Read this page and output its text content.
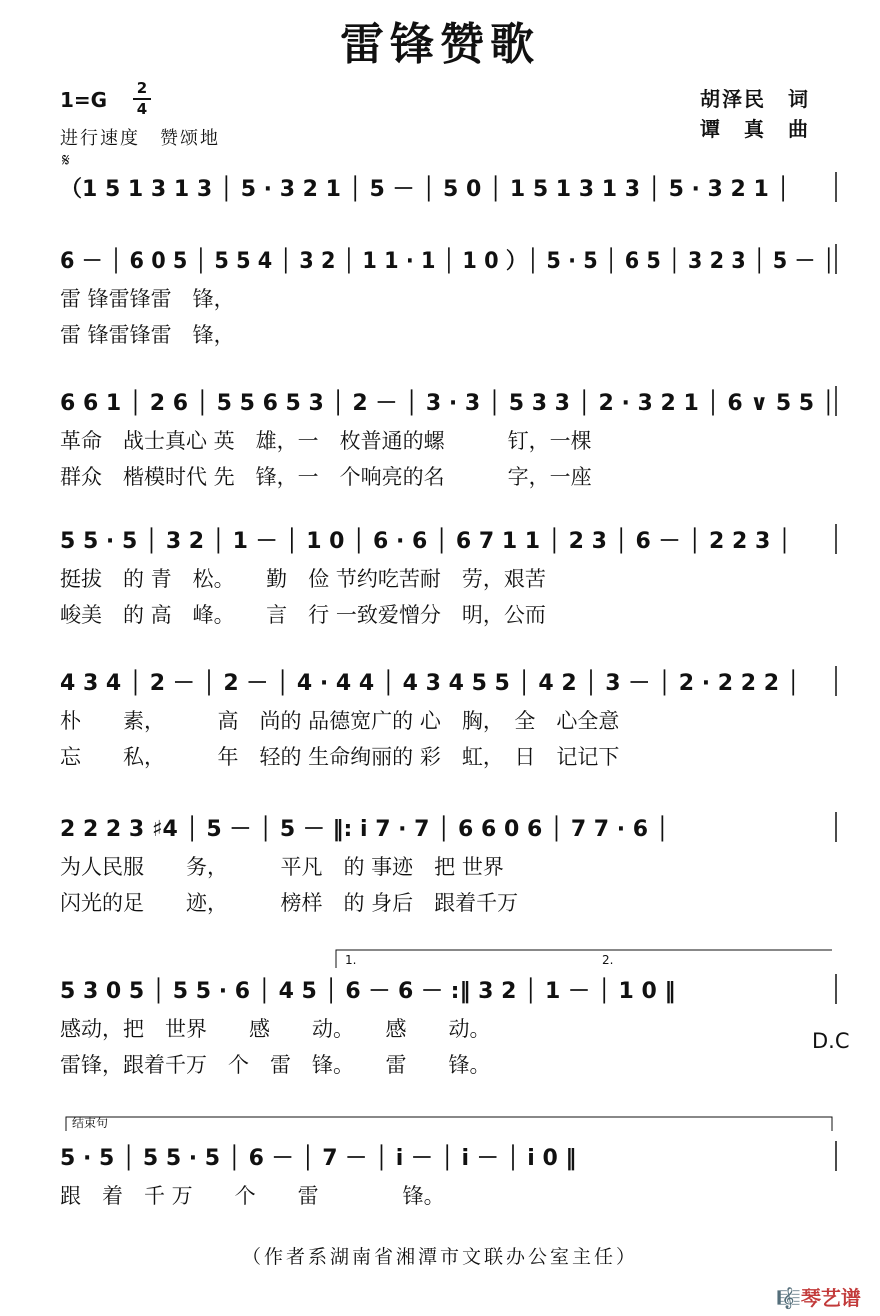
雷锋赞歌
1=G 2
4
进行速度　赞颂地
胡泽民　词
谭　真　曲
𝄋
（1 5 1 3 1 3 │ 5 · 3 2 1 │ 5 － │ 5 0 │ 1 5 1 3 1 3 │ 5 · 3 2 1 │
6 － │ 6 0 5 │ 5 5 4 │ 3 2 │ 1 1 · 1 │ 1 0 ）│ 5 · 5 │ 6 5 │ 3 2 3 │ 5 － │
雷 锋雷锋雷　锋，
雷 锋雷锋雷　锋，
6 6 1 │ 2 6 │ 5 5 6 5 3 │ 2 － │ 3 · 3 │ 5 3 3 │ 2 · 3 2 1 │ 6 ∨ 5 5 │
革命　战士真心 英　雄，一　枚普通的螺　　　钉，一棵
群众　楷模时代 先　锋，一　个响亮的名　　　字，一座
5 5 · 5 │ 3 2 │ 1 － │ 1 0 │ 6 · 6 │ 6 7 1 1 │ 2 3 │ 6 － │ 2 2 3 │
挺拔　的 青　松。　　勤　俭 节约吃苦耐　劳，艰苦
峻美　的 高　峰。　　言　行 一致爱憎分　明，公而
4 3 4 │ 2 － │ 2 － │ 4 · 4 4 │ 4 3 4 5 5 │ 4 2 │ 3 － │ 2 · 2 2 2 │
朴　　素，　　　高　尚的 品德宽广的 心　胸，　全　心全意
忘　　私，　　　年　轻的 生命绚丽的 彩　虹，　日　记记下
2 2 2 3 ♯4 │ 5 － │ 5 － ‖: i 7 · 7 │ 6 6 0 6 │ 7 7 · 6 │
为人民服　　务，　　　平凡　的 事迹　把 世界
闪光的足　　迹，　　　榜样　的 身后　跟着千万
5 3 0 5 │ 5 5 · 6 │ 4 5 │ 6 － 6 － :‖ 3 2 │ 1 － │ 1 0 ‖
感动，把　世界　　感　　动。　　感　　动。
雷锋，跟着千万　个　雷　锋。　　雷　　锋。
1.	2.
D.C
5 · 5 │ 5 5 · 5 │ 6 － │ 7 － │ i － │ i － │ i 0 ‖
跟　着　千 万　　个　　雷　　　　锋。
结束句
（作者系湖南省湘潭市文联办公室主任）
🎼琴艺谱
